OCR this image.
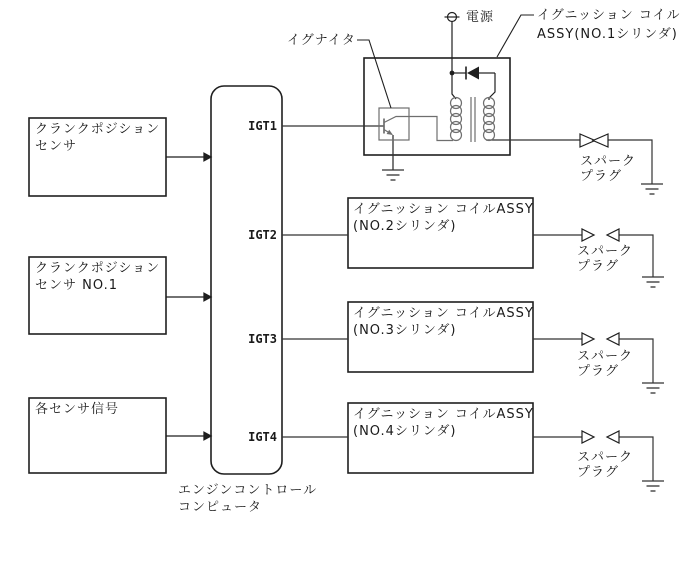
電源	イグニッション コイル
ASSY(NO.1シリンダ)
イグナイタ
クランクポジション
センサ
クランクポジション
センサ NO.1
各センサ信号
IGT1
IGT2
IGT3
IGT4
エンジンコントロール
コンピュータ
イグニッション コイルASSY
(NO.2シリンダ)
イグニッション コイルASSY
(NO.3シリンダ)
イグニッション コイルASSY
(NO.4シリンダ)
スパーク
プラグ
スパーク
プラグ
スパーク
プラグ
スパーク
プラグ
